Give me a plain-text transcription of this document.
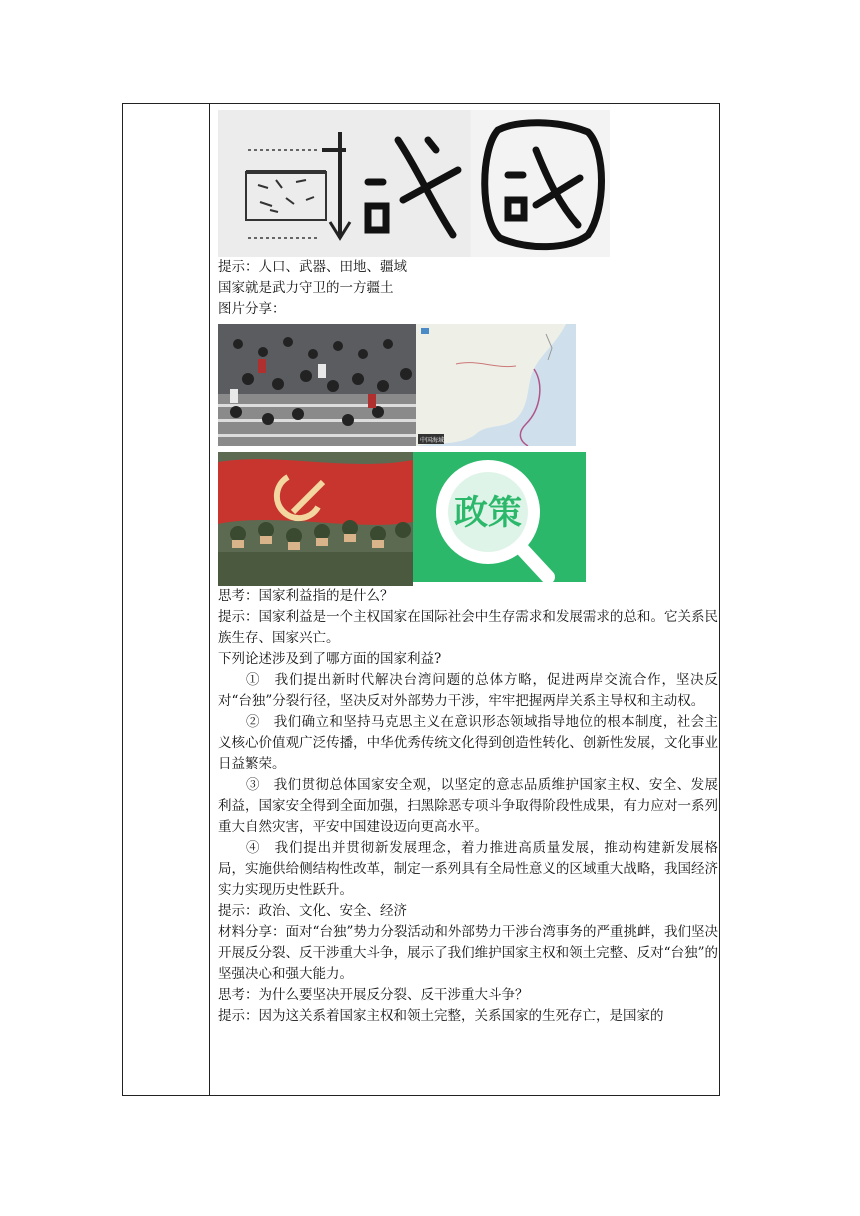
提示：人口、武器、田地、疆域
国家就是武力守卫的一方疆土
图片分享：
中国海域
政策
思考：国家利益指的是什么？
提示：国家利益是一个主权国家在国际社会中生存需求和发展需求的总和。它关系民族生存、国家兴亡。
下列论述涉及到了哪方面的国家利益?
①　我们提出新时代解决台湾问题的总体方略，促进两岸交流合作，坚决反对“台独”分裂行径，坚决反对外部势力干涉，牢牢把握两岸关系主导权和主动权。
②　我们确立和坚持马克思主义在意识形态领域指导地位的根本制度，社会主义核心价值观广泛传播，中华优秀传统文化得到创造性转化、创新性发展，文化事业日益繁荣。
③　我们贯彻总体国家安全观，以坚定的意志品质维护国家主权、安全、发展利益，国家安全得到全面加强，扫黑除恶专项斗争取得阶段性成果，有力应对一系列重大自然灾害，平安中国建设迈向更高水平。
④　我们提出并贯彻新发展理念，着力推进高质量发展，推动构建新发展格局，实施供给侧结构性改革，制定一系列具有全局性意义的区域重大战略，我国经济实力实现历史性跃升。
提示：政治、文化、安全、经济
材料分享：面对“台独”势力分裂活动和外部势力干涉台湾事务的严重挑衅，我们坚决开展反分裂、反干涉重大斗争，展示了我们维护国家主权和领土完整、反对“台独”的坚强决心和强大能力。
思考：为什么要坚决开展反分裂、反干涉重大斗争？
提示：因为这关系着国家主权和领土完整，关系国家的生死存亡，是国家的
